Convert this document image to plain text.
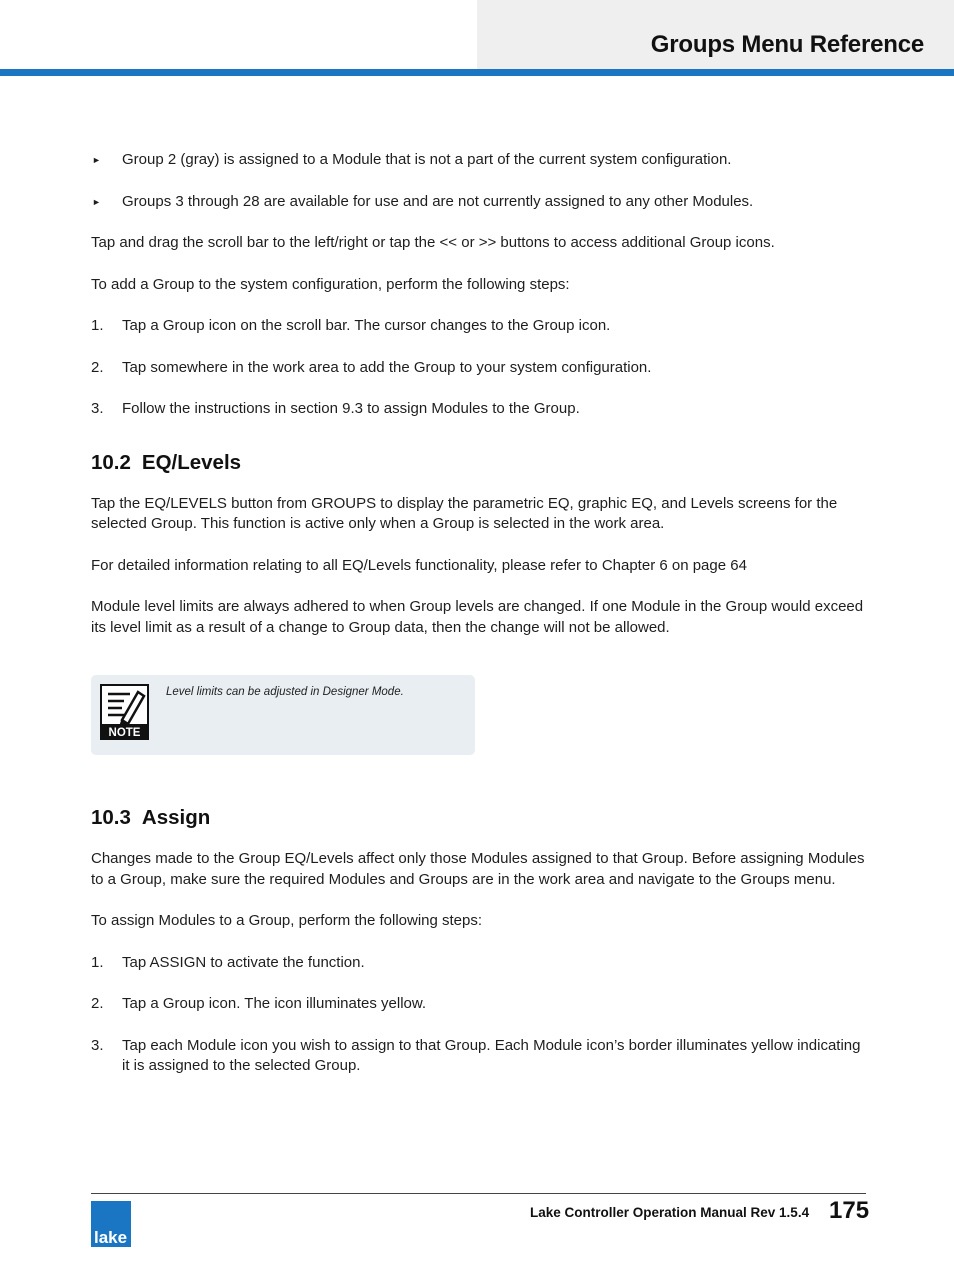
Groups Menu Reference
► Group 2 (gray) is assigned to a Module that is not a part of the current system configuration.
► Groups 3 through 28 are available for use and are not currently assigned to any other Modules.

Tap and drag the scroll bar to the left/right or tap the << or >> buttons to access additional Group icons.

To add a Group to the system configuration, perform the following steps:

1. Tap a Group icon on the scroll bar. The cursor changes to the Group icon.
2. Tap somewhere in the work area to add the Group to your system configuration.
3. Follow the instructions in section 9.3 to assign Modules to the Group.
10.2 EQ/Levels

Tap the EQ/LEVELS button from GROUPS to display the parametric EQ, graphic EQ, and Levels screens for the selected Group. This function is active only when a Group is selected in the work area.

For detailed information relating to all EQ/Levels functionality, please refer to Chapter 6 on page 64

Module level limits are always adhered to when Group levels are changed. If one Module in the Group would exceed its level limit as a result of a change to Group data, then the change will not be allowed.

NOTE
Level limits can be adjusted in Designer Mode.
10.3 Assign

Changes made to the Group EQ/Levels affect only those Modules assigned to that Group. Before assigning Modules to a Group, make sure the required Modules and Groups are in the work area and navigate to the Groups menu.

To assign Modules to a Group, perform the following steps:

1. Tap ASSIGN to activate the function.
2. Tap a Group icon. The icon illuminates yellow.
3. Tap each Module icon you wish to assign to that Group. Each Module icon’s border illuminates yellow indicating it is assigned to the selected Group.
lake
Lake Controller Operation Manual Rev 1.5.4 175
